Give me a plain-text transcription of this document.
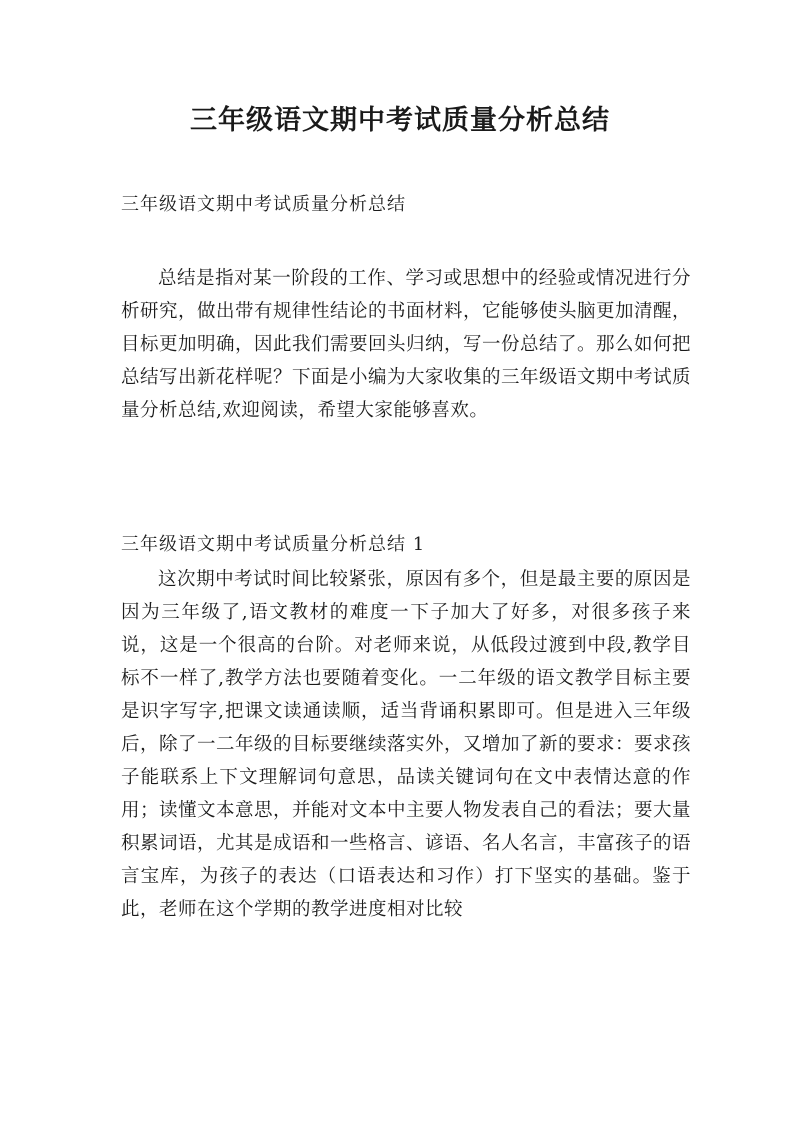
三年级语文期中考试质量分析总结

三年级语文期中考试质量分析总结

总结是指对某一阶段的工作、学习或思想中的经验或情况进行分析研究，做出带有规律性结论的书面材料，它能够使头脑更加清醒，目标更加明确，因此我们需要回头归纳，写一份总结了。那么如何把总结写出新花样呢？下面是小编为大家收集的三年级语文期中考试质量分析总结,欢迎阅读，希望大家能够喜欢。

三年级语文期中考试质量分析总结 1

这次期中考试时间比较紧张，原因有多个，但是最主要的原因是因为三年级了,语文教材的难度一下子加大了好多，对很多孩子来说，这是一个很高的台阶。对老师来说，从低段过渡到中段,教学目标不一样了,教学方法也要随着变化。一二年级的语文教学目标主要是识字写字,把课文读通读顺，适当背诵积累即可。但是进入三年级后，除了一二年级的目标要继续落实外，又增加了新的要求：要求孩子能联系上下文理解词句意思，品读关键词句在文中表情达意的作用；读懂文本意思，并能对文本中主要人物发表自己的看法；要大量积累词语，尤其是成语和一些格言、谚语、名人名言，丰富孩子的语言宝库，为孩子的表达（口语表达和习作）打下坚实的基础。鉴于此，老师在这个学期的教学进度相对比较
